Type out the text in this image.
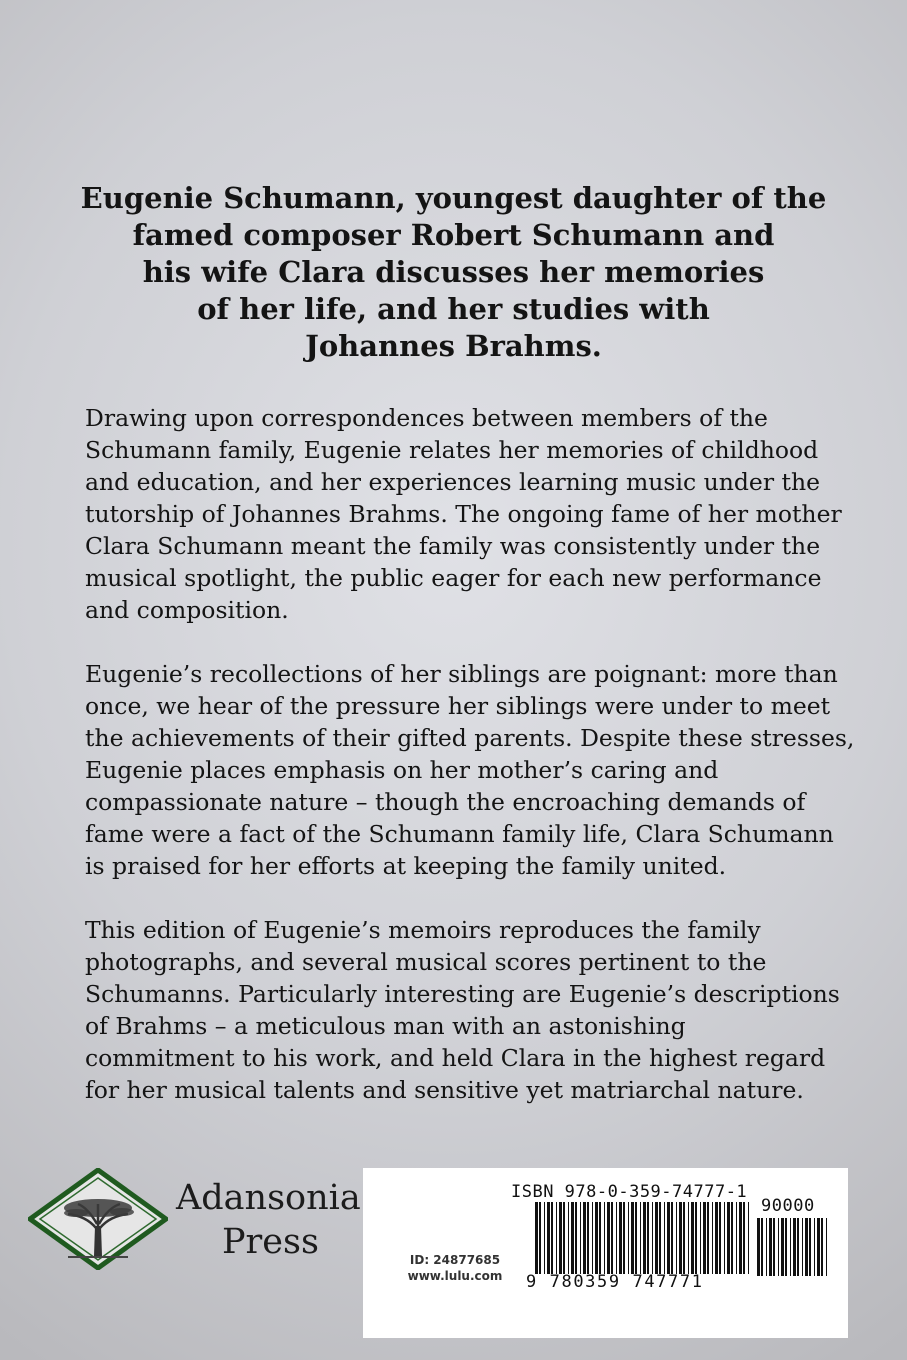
Eugenie Schumann, youngest daughter of the
famed composer Robert Schumann and
his wife Clara discusses her memories
of her life, and her studies with
Johannes Brahms.
Drawing upon correspondences between members of the
Schumann family, Eugenie relates her memories of childhood
and education, and her experiences learning music under the
tutorship of Johannes Brahms. The ongoing fame of her mother
Clara Schumann meant the family was consistently under the
musical spotlight, the public eager for each new performance
and composition.
Eugenie’s recollections of her siblings are poignant: more than
once, we hear of the pressure her siblings were under to meet
the achievements of their gifted parents. Despite these stresses,
Eugenie places emphasis on her mother’s caring and
compassionate nature – though the encroaching demands of
fame were a fact of the Schumann family life, Clara Schumann
is praised for her efforts at keeping the family united.
This edition of Eugenie’s memoirs reproduces the family
photographs, and several musical scores pertinent to the
Schumanns. Particularly interesting are Eugenie’s descriptions
of Brahms – a meticulous man with an astonishing
commitment to his work, and held Clara in the highest regard
for her musical talents and sensitive yet matriarchal nature.
Adansonia
Press
ISBN 978-0-359-74777-1
90000
ID: 24877685
www.lulu.com	9 780359 747771
